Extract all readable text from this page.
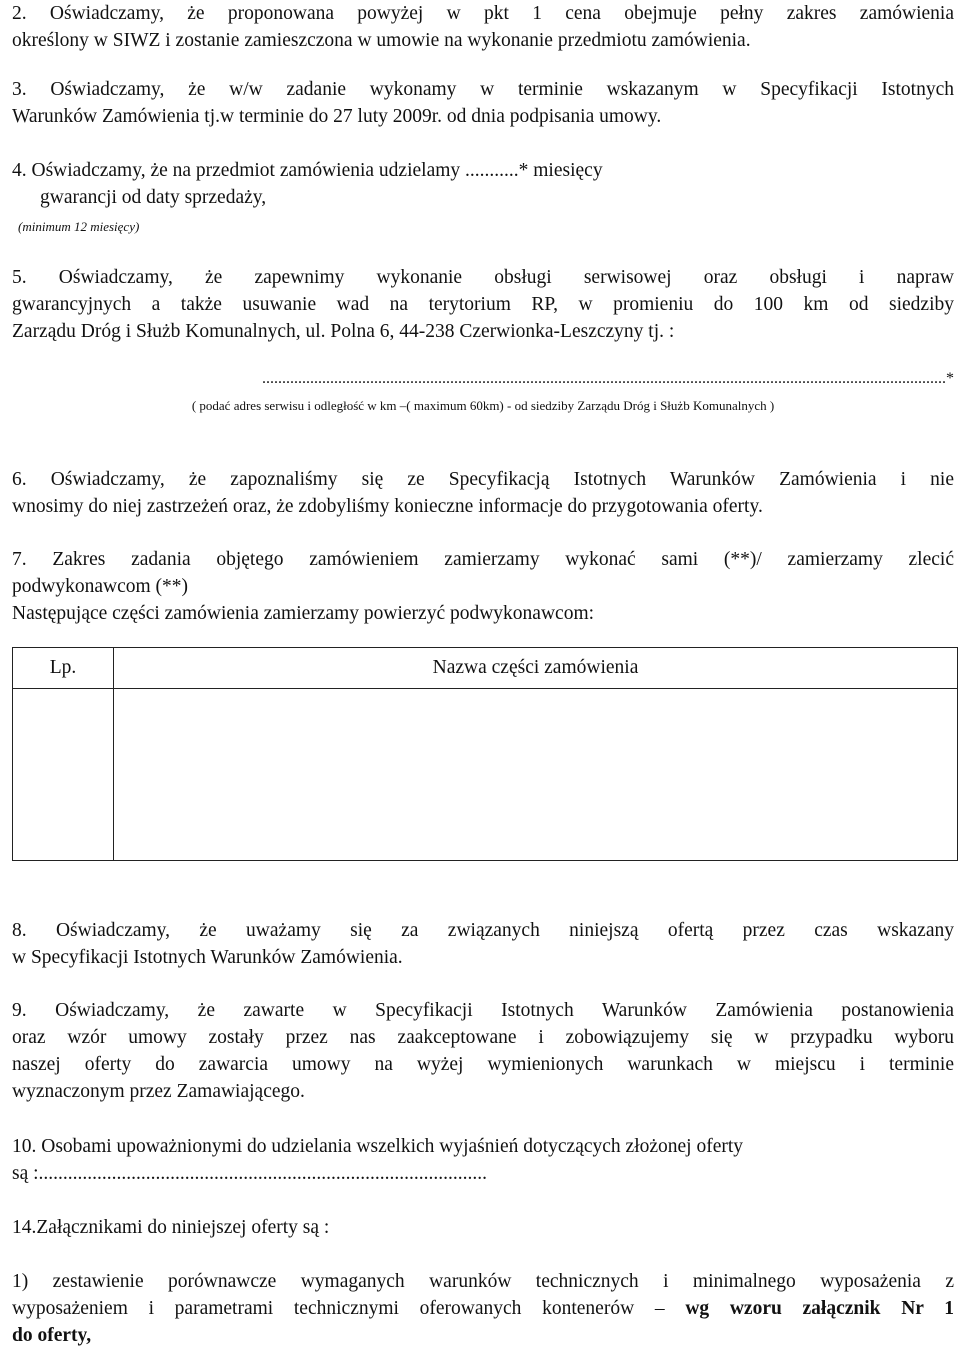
2. Oświadczamy, że proponowana powyżej w pkt 1 cena obejmuje pełny zakres zamówienia
określony w SIWZ i zostanie zamieszczona w umowie na wykonanie przedmiotu zamówienia.
3. Oświadczamy, że w/w zadanie wykonamy w terminie wskazanym w Specyfikacji Istotnych
Warunków Zamówienia tj.w terminie do 27 luty 2009r. od dnia podpisania umowy.
4. Oświadczamy, że na przedmiot zamówienia udzielamy ...........* miesięcy
gwarancji od daty sprzedaży,
(minimum 12 miesięcy)
5. Oświadczamy, że zapewnimy wykonanie obsługi serwisowej oraz obsługi i napraw
gwarancyjnych a także usuwanie wad na terytorium RP, w promieniu do 100 km od siedziby
Zarządu Dróg i Służb Komunalnych, ul. Polna 6, 44-238 Czerwionka-Leszczyny tj. :
...........................................................................................................................................................................*
( podać adres serwisu i odległość w km –( maximum 60km) - od siedziby Zarządu Dróg i Służb Komunalnych )
6. Oświadczamy, że zapoznaliśmy się ze Specyfikacją Istotnych Warunków Zamówienia i nie
wnosimy do niej zastrzeżeń oraz, że zdobyliśmy konieczne informacje do przygotowania oferty.
7. Zakres zadania objętego zamówieniem zamierzamy wykonać sami (**)/ zamierzamy zlecić
podwykonawcom (**)
Następujące części zamówienia zamierzamy powierzyć podwykonawcom:
Lp.	Nazwa części zamówienia

8. Oświadczamy, że uważamy się za związanych niniejszą ofertą przez czas wskazany
w Specyfikacji Istotnych Warunków Zamówienia.
9. Oświadczamy, że zawarte w Specyfikacji Istotnych Warunków Zamówienia postanowienia
oraz wzór umowy zostały przez nas zaakceptowane i zobowiązujemy się w przypadku wyboru
naszej oferty do zawarcia umowy na wyżej wymienionych warunkach w miejscu i terminie
wyznaczonym przez Zamawiającego.
10. Osobami upoważnionymi do udzielania wszelkich wyjaśnień dotyczących złożonej oferty
są :............................................................................................
14.Załącznikami do niniejszej oferty są :
1) zestawienie porównawcze wymaganych warunków technicznych i minimalnego wyposażenia z
wyposażeniem i parametrami technicznymi oferowanych kontenerów – wg wzoru załącznik Nr 1
do oferty,
